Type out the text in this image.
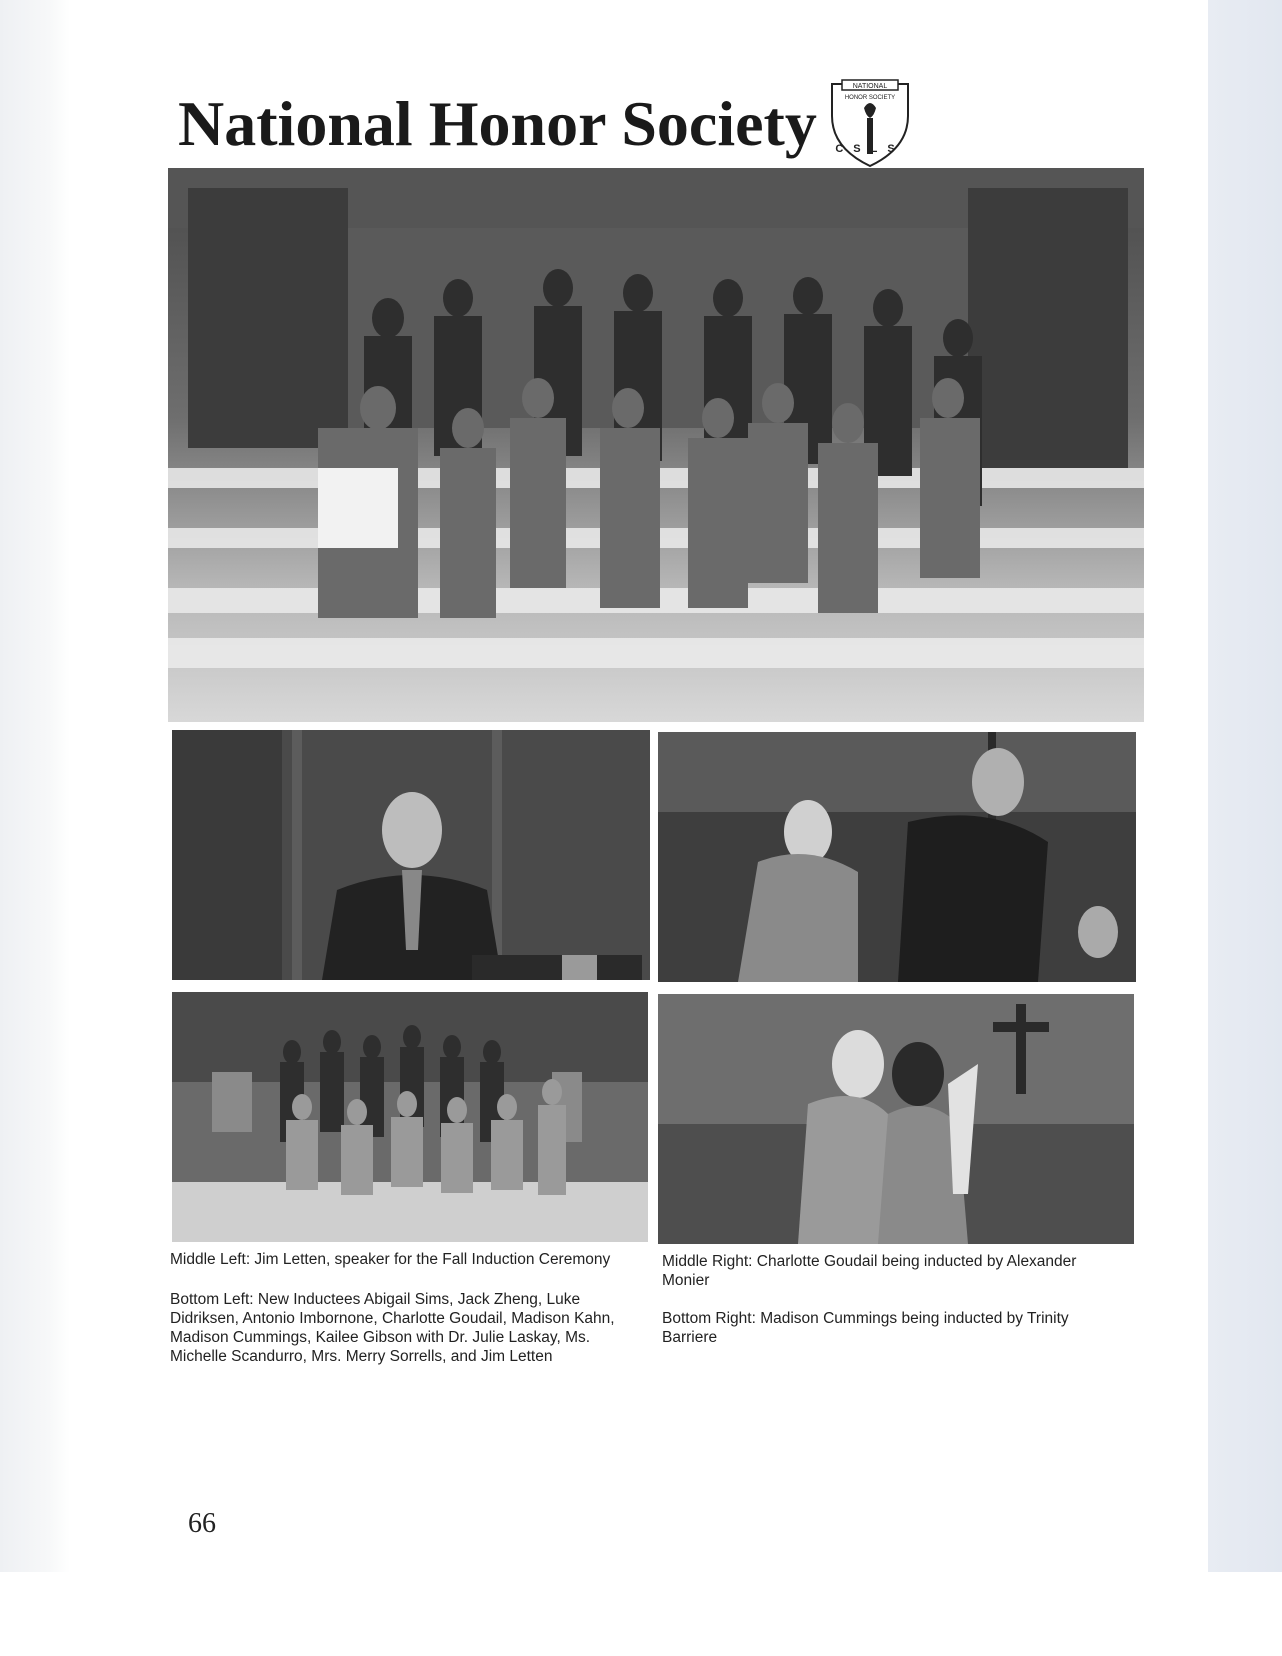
National Honor Society
NATIONAL
HONOR SOCIETY
CSLS

Middle Left: Jim Letten, speaker for the Fall Induction Ceremony

Bottom Left: New Inductees Abigail Sims, Jack Zheng, Luke Didriksen, Antonio Imbornone, Charlotte Goudail, Madison Kahn, Madison Cummings, Kailee Gibson with Dr. Julie Laskay, Ms. Michelle Scandurro, Mrs. Merry Sorrells, and Jim Letten

Middle Right: Charlotte Goudail being inducted by Alexander Monier

Bottom Right: Madison Cummings being inducted by Trinity Barriere

66
